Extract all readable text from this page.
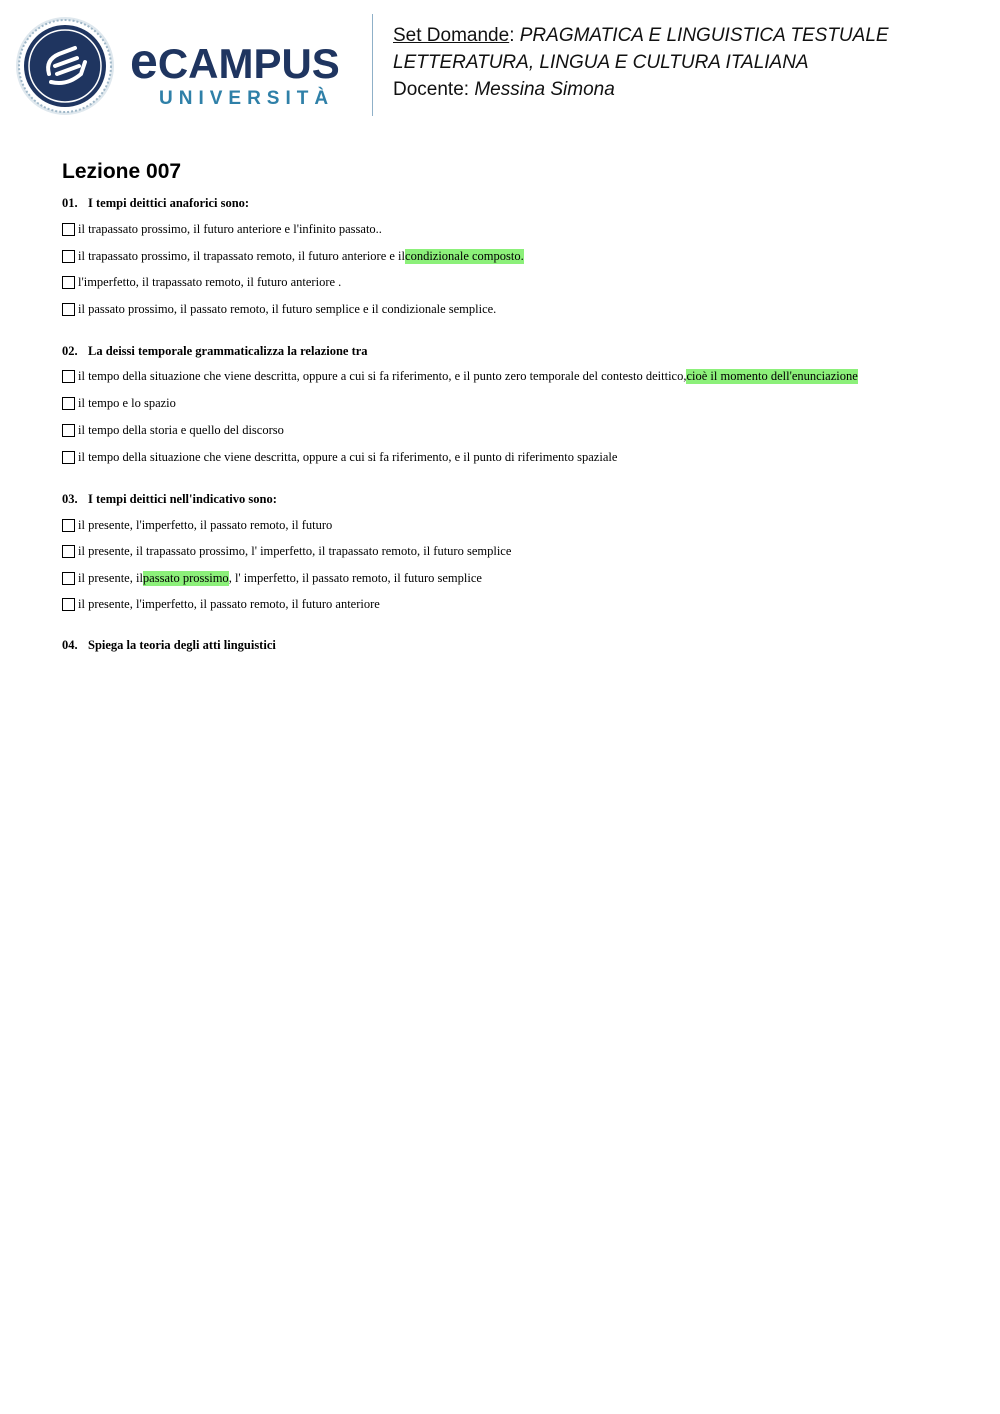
eCAMPUS
UNIVERSITÀ
Set Domande: PRAGMATICA E LINGUISTICA TESTUALE
LETTERATURA, LINGUA E CULTURA ITALIANA
Docente: Messina Simona
Lezione 007

01. I tempi deittici anaforici sono:

il trapassato prossimo, il futuro anteriore e l'infinito passato..
il trapassato prossimo, il trapassato remoto, il futuro anteriore e il condizionale composto.
l'imperfetto, il trapassato remoto, il futuro anteriore .
il passato prossimo, il passato remoto, il futuro semplice e il condizionale semplice.

02. La deissi temporale grammaticalizza la relazione tra

il tempo della situazione che viene descritta, oppure a cui si fa riferimento, e il punto zero temporale del contesto deittico, cioè il momento dell'enunciazione
il tempo e lo spazio
il tempo della storia e quello del discorso
il tempo della situazione che viene descritta, oppure a cui si fa riferimento, e il punto di riferimento spaziale

03. I tempi deittici nell'indicativo sono:

il presente, l'imperfetto, il passato remoto, il futuro
il presente, il trapassato prossimo, l' imperfetto, il trapassato remoto, il futuro semplice
il presente, il passato prossimo , l' imperfetto, il passato remoto, il futuro semplice
il presente, l'imperfetto, il passato remoto, il futuro anteriore

04. Spiega la teoria degli atti linguistici
